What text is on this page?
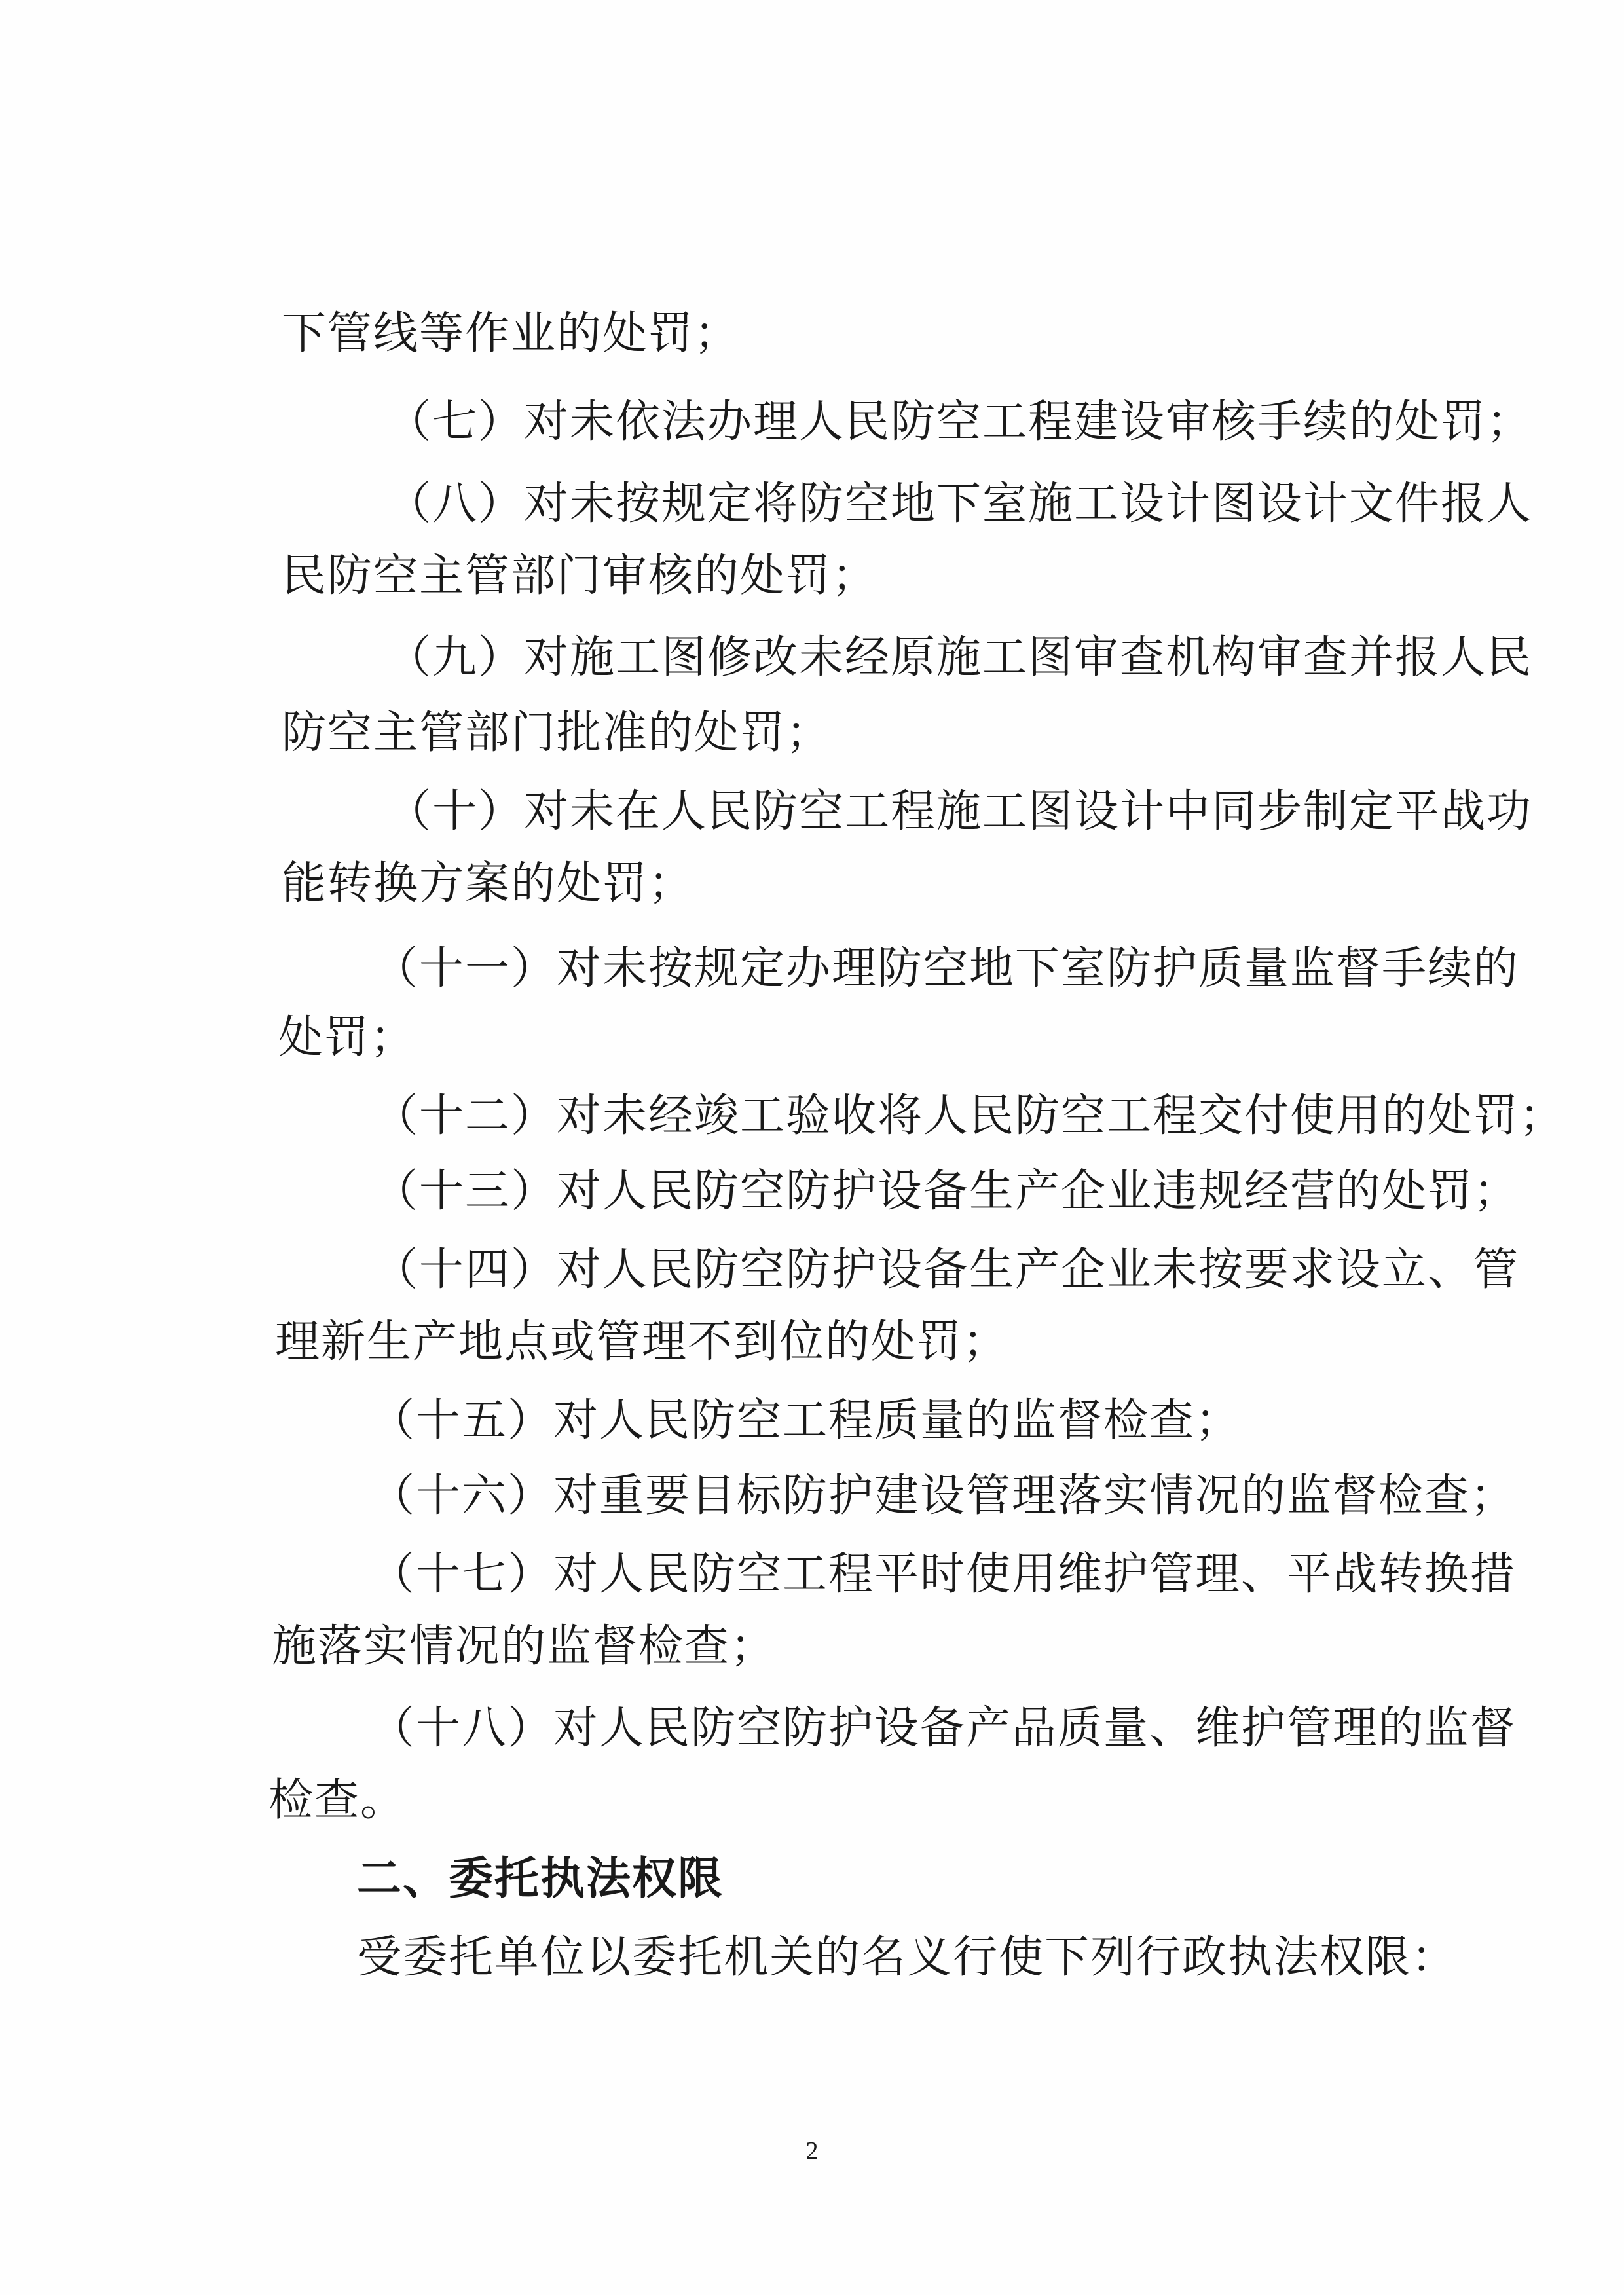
下管线等作业的处罚；
（七）对未依法办理人民防空工程建设审核手续的处罚；
（八）对未按规定将防空地下室施工设计图设计文件报人
民防空主管部门审核的处罚；
（九）对施工图修改未经原施工图审查机构审查并报人民
防空主管部门批准的处罚；
（十）对未在人民防空工程施工图设计中同步制定平战功
能转换方案的处罚；
（十一）对未按规定办理防空地下室防护质量监督手续的
处罚；
（十二）对未经竣工验收将人民防空工程交付使用的处罚；
（十三）对人民防空防护设备生产企业违规经营的处罚；
（十四）对人民防空防护设备生产企业未按要求设立、管
理新生产地点或管理不到位的处罚；
（十五）对人民防空工程质量的监督检查；
（十六）对重要目标防护建设管理落实情况的监督检查；
（十七）对人民防空工程平时使用维护管理、平战转换措
施落实情况的监督检查；
（十八）对人民防空防护设备产品质量、维护管理的监督
检查。
二、委托执法权限
受委托单位以委托机关的名义行使下列行政执法权限：
2
